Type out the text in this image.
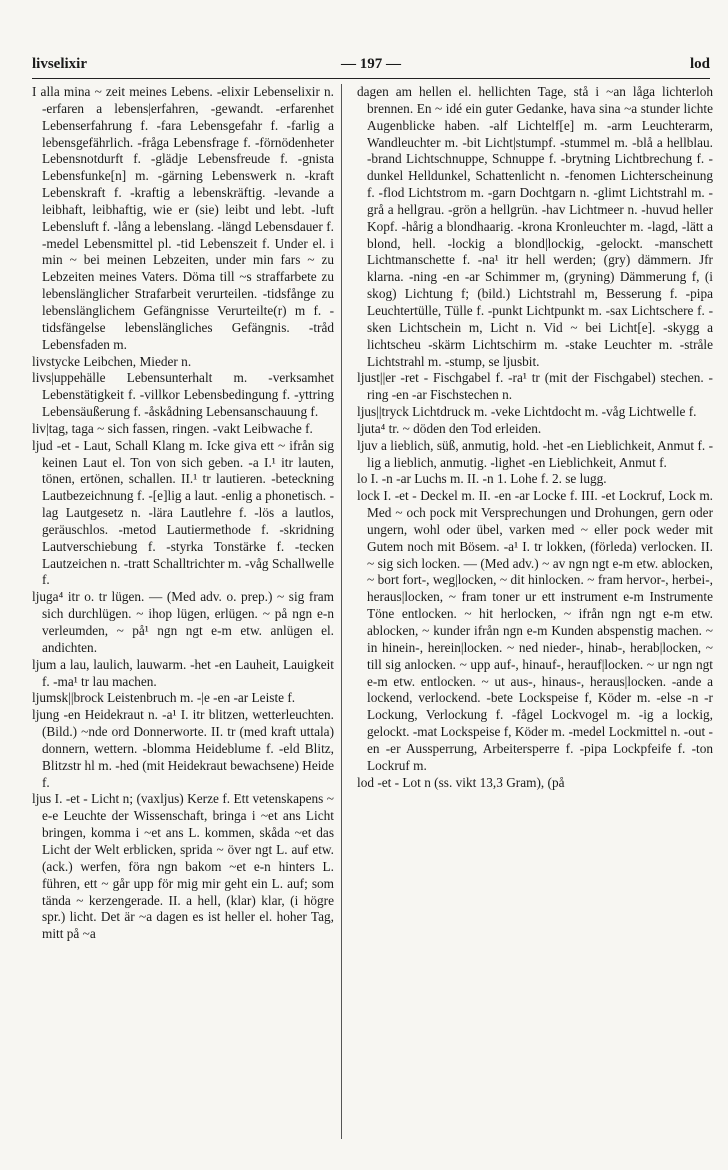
livselixir	— 197 —	lod

I alla mina ~ zeit meines Lebens. -elixir Lebenselixir n. -erfaren a lebens|erfahren, -gewandt. -erfarenhet Lebenserfahrung f. -fara Lebensgefahr f. -farlig a lebensgefährlich. -fråga Lebensfrage f. -förnödenheter Lebensnotdurft f. -glädje Lebensfreude f. -gnista Lebensfunke[n] m. -gärning Lebenswerk n. -kraft Lebenskraft f. -kraftig a lebenskräftig. -levande a leibhaft, leibhaftig, wie er (sie) leibt und lebt. -luft Lebensluft f. -lång a lebenslang. -längd Lebensdauer f. -medel Lebensmittel pl. -tid Lebenszeit f. Under el. i min ~ bei meinen Lebzeiten, under min fars ~ zu Lebzeiten meines Vaters. Döma till ~s straffarbete zu lebenslänglicher Strafarbeit verurteilen. -tidsfånge zu lebenslänglichem Gefängnisse Verurteilte(r) m f. -tidsfängelse lebenslängliches Gefängnis. -tråd Lebensfaden m.

livstycke Leibchen, Mieder n.

livs|uppehälle Lebensunterhalt m. -verksamhet Lebenstätigkeit f. -villkor Lebensbedingung f. -yttring Lebensäußerung f. -åskådning Lebensanschauung f.

liv|tag, taga ~ sich fassen, ringen. -vakt Leibwache f.

ljud -et - Laut, Schall Klang m. Icke giva ett ~ ifrån sig keinen Laut el. Ton von sich geben. -a I.¹ itr lauten, tönen, ertönen, schallen. II.¹ tr lautieren. -beteckning Lautbezeichnung f. -[e]lig a laut. -enlig a phonetisch. -lag Lautgesetz n. -lära Lautlehre f. -lös a lautlos, geräuschlos. -metod Lautiermethode f. -skridning Lautverschiebung f. -styrka Tonstärke f. -tecken Lautzeichen n. -tratt Schalltrichter m. -våg Schallwelle f.

ljuga⁴ itr o. tr lügen. — (Med adv. o. prep.) ~ sig fram sich durchlügen. ~ ihop lügen, erlügen. ~ på ngn e-n verleumden, ~ på¹ ngn ngt e-m etw. anlügen el. andichten.

ljum a lau, laulich, lauwarm. -het -en Lauheit, Lauigkeit f. -ma¹ tr lau machen.

ljumsk||brock Leistenbruch m. -|e -en -ar Leiste f.

ljung -en Heidekraut n. -a¹ I. itr blitzen, wetterleuchten. (Bild.) ~nde ord Donnerworte. II. tr (med kraft uttala) donnern, wettern. -blomma Heideblume f. -eld Blitz, Blitzstr hl m. -hed (mit Heidekraut bewachsene) Heide f.

ljus I. -et - Licht n; (vaxljus) Kerze f. Ett vetenskapens ~ e-e Leuchte der Wissenschaft, bringa i ~et ans Licht bringen, komma i ~et ans L. kommen, skåda ~et das Licht der Welt erblicken, sprida ~ över ngt L. auf etw. (ack.) werfen, föra ngn bakom ~et e-n hinters L. führen, ett ~ går upp för mig mir geht ein L. auf; som tända ~ kerzengerade. II. a hell, (klar) klar, (i högre spr.) licht. Det är ~a dagen es ist heller el. hoher Tag, mitt på ~a

dagen am hellen el. hellichten Tage, stå i ~an låga lichterloh brennen. En ~ idé ein guter Gedanke, hava sina ~a stunder lichte Augenblicke haben. -alf Lichtelf[e] m. -arm Leuchterarm, Wandleuchter m. -bit Licht|stumpf. -stummel m. -blå a hellblau. -brand Lichtschnuppe, Schnuppe f. -brytning Lichtbrechung f. -dunkel Helldunkel, Schattenlicht n. -fenomen Lichterscheinung f. -flod Lichtstrom m. -garn Dochtgarn n. -glimt Lichtstrahl m. -grå a hellgrau. -grön a hellgrün. -hav Lichtmeer n. -huvud heller Kopf. -hårig a blondhaarig. -krona Kronleuchter m. -lagd, -lätt a blond, hell. -lockig a blond|lockig, -gelockt. -manschett Lichtmanschette f. -na¹ itr hell werden; (gry) dämmern. Jfr klarna. -ning -en -ar Schimmer m, (gryning) Dämmerung f, (i skog) Lichtung f; (bild.) Lichtstrahl m, Besserung f. -pipa Leuchtertülle, Tülle f. -punkt Lichtpunkt m. -sax Lichtschere f. -sken Lichtschein m, Licht n. Vid ~ bei Licht[e]. -skygg a lichtscheu -skärm Lichtschirm m. -stake Leuchter m. -stråle Lichtstrahl m. -stump, se ljusbit.

ljust||er -ret - Fischgabel f. -ra¹ tr (mit der Fischgabel) stechen. -ring -en -ar Fischstechen n.

ljus||tryck Lichtdruck m. -veke Lichtdocht m. -våg Lichtwelle f.

ljuta⁴ tr. ~ döden den Tod erleiden.

ljuv a lieblich, süß, anmutig, hold. -het -en Lieblichkeit, Anmut f. -lig a lieblich, anmutig. -lighet -en Lieblichkeit, Anmut f.

lo I. -n -ar Luchs m. II. -n 1. Lohe f. 2. se lugg.

lock I. -et - Deckel m. II. -en -ar Locke f. III. -et Lockruf, Lock m. Med ~ och pock mit Versprechungen und Drohungen, gern oder ungern, wohl oder übel, varken med ~ eller pock weder mit Gutem noch mit Bösem. -a¹ I. tr lokken, (förleda) verlocken. II. ~ sig sich locken. — (Med adv.) ~ av ngn ngt e-m etw. ablocken, ~ bort fort-, weg|locken, ~ dit hinlocken. ~ fram hervor-, herbei-, heraus|locken, ~ fram toner ur ett instrument e-m Instrumente Töne entlocken. ~ hit herlocken, ~ ifrån ngn ngt e-m etw. ablocken, ~ kunder ifrån ngn e-m Kunden abspenstig machen. ~ in hinein-, herein|locken. ~ ned nieder-, hinab-, herab|locken, ~ till sig anlocken. ~ upp auf-, hinauf-, herauf|locken. ~ ur ngn ngt e-m etw. entlocken. ~ ut aus-, hinaus-, heraus|locken. -ande a lockend, verlockend. -bete Lockspeise f, Köder m. -else -n -r Lockung, Verlockung f. -fågel Lockvogel m. -ig a lockig, gelockt. -mat Lockspeise f, Köder m. -medel Lockmittel n. -out -en -er Aussperrung, Arbeitersperre f. -pipa Lockpfeife f. -ton Lockruf m.

lod -et - Lot n (ss. vikt 13,3 Gram), (på
